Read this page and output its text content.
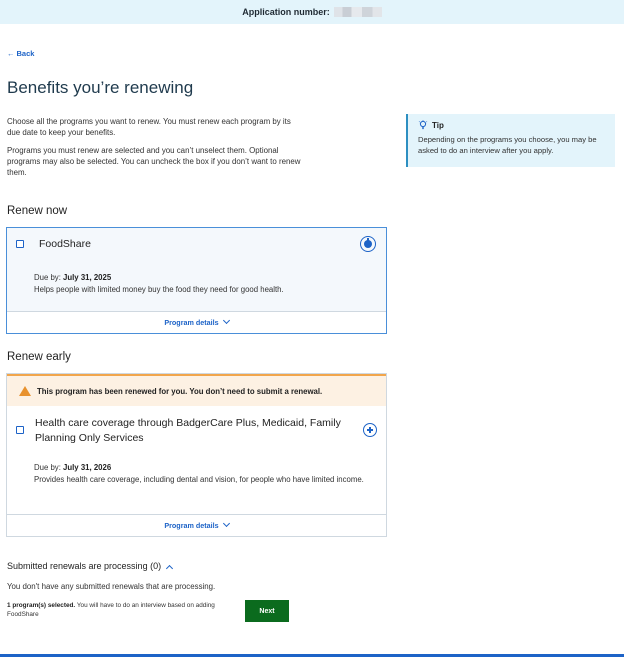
Application number:
← Back
Benefits you’re renewing

Choose all the programs you want to renew. You must renew each program by its due date to keep your benefits.

Programs you must renew are selected and you can’t unselect them. Optional programs may also be selected. You can uncheck the box if you don’t want to renew them.

Tip
Depending on the programs you choose, you may be asked to do an interview after you apply.
Renew now
FoodShare
Due by: July 31, 2025
Helps people with limited money buy the food they need for good health.
Program details
Renew early
This program has been renewed for you. You don’t need to submit a renewal.
Health care coverage through BadgerCare Plus, Medicaid, Family Planning Only Services
Due by: July 31, 2026
Provides health care coverage, including dental and vision, for people who have limited income.
Program details
Submitted renewals are processing (0)
You don't have any submitted renewals that are processing.
1 program(s) selected. You will have to do an interview based on adding FoodShare	Next
